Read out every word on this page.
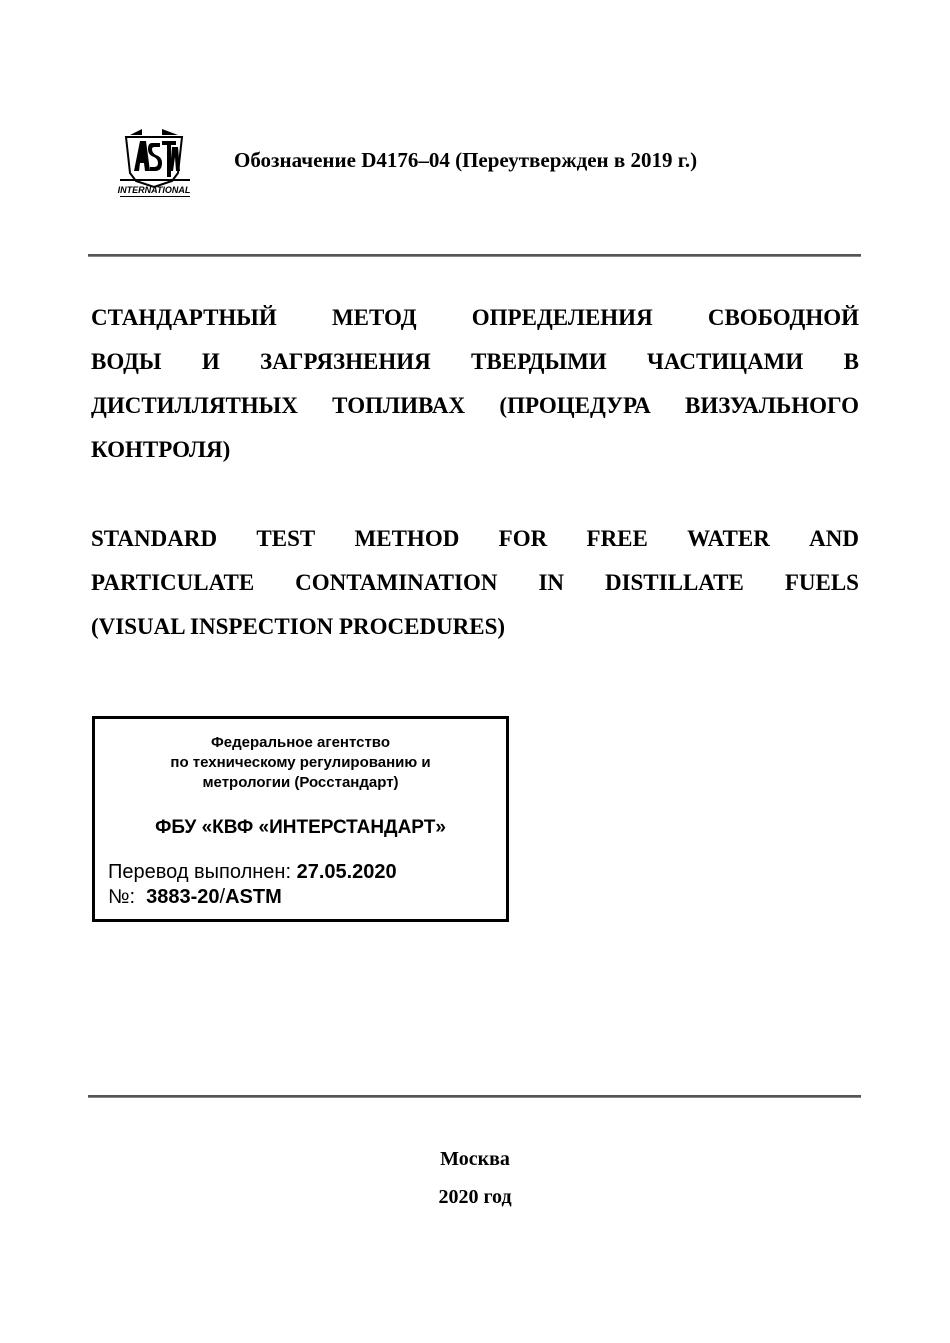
INTERNATIONAL
Обозначение D4176–04 (Переутвержден в 2019 г.)
СТАНДАРТНЫЙ МЕТОД ОПРЕДЕЛЕНИЯ СВОБОДНОЙ
ВОДЫ И ЗАГРЯЗНЕНИЯ ТВЕРДЫМИ ЧАСТИЦАМИ В
ДИСТИЛЛЯТНЫХ ТОПЛИВАХ (ПРОЦЕДУРА ВИЗУАЛЬНОГО
КОНТРОЛЯ)
STANDARD TEST METHOD FOR FREE WATER AND
PARTICULATE CONTAMINATION IN DISTILLATE FUELS
(VISUAL INSPECTION PROCEDURES)
Федеральное агентство
по техническому регулированию и
метрологии (Росстандарт)
ФБУ «КВФ «ИНТЕРСТАНДАРТ»
Перевод выполнен: 27.05.2020
№:  3883-20/ASTM
Москва
2020 год
